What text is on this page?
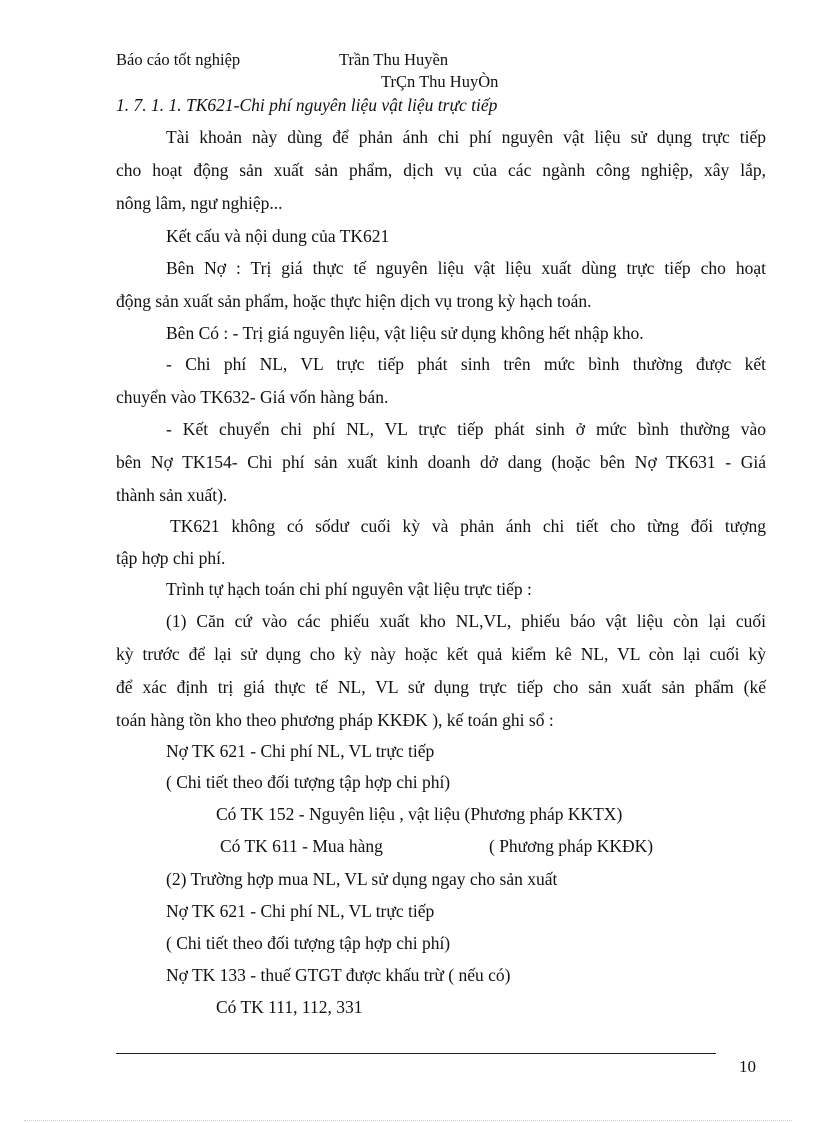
Báo cáo tốt nghiệp	Trần Thu Huyền
TrÇn Thu HuyÒn
1. 7. 1. 1. TK621-Chi phí nguyên liệu vật liệu trực tiếp
Tài khoản này dùng để phản ánh chi phí nguyên vật liệu sử dụng trực tiếp
cho hoạt động sản xuất sản phẩm, dịch vụ của các ngành công nghiệp, xây lắp,
nông lâm, ngư nghiệp...
Kết cấu và nội dung của TK621
Bên Nợ : Trị giá thực tế nguyên liệu vật liệu xuất dùng trực tiếp cho hoạt
động sản xuất sản phẩm, hoặc thực hiện dịch vụ trong kỳ hạch toán.
Bên Có : - Trị giá nguyên liệu, vật liệu sử dụng không hết nhập kho.
- Chi phí NL, VL trực tiếp phát sinh trên mức bình thường được kết
chuyển vào TK632- Giá vốn hàng bán.
- Kết chuyển chi phí NL, VL trực tiếp phát sinh ở mức bình thường vào
bên Nợ TK154- Chi phí sản xuất kinh doanh dở dang (hoặc bên Nợ TK631 - Giá
thành sản xuất).
TK621 không có sốdư cuối kỳ và phản ánh chi tiết cho từng đối tượng
tập hợp chi phí.
Trình tự hạch toán chi phí nguyên vật liệu trực tiếp :
(1) Căn cứ vào các phiếu xuất kho NL,VL, phiếu báo vật liệu còn lại cuối
kỳ trước để lại sử dụng cho kỳ này hoặc kết quả kiểm kê NL, VL còn lại cuối kỳ
để xác định trị giá thực tế NL, VL sử dụng trực tiếp cho sản xuất sản phẩm (kế
toán hàng tồn kho theo phương pháp KKĐK ), kế toán ghi sổ :
Nợ TK 621 - Chi phí NL, VL trực tiếp
( Chi tiết theo đối tượng tập hợp chi phí)
Có TK 152 - Nguyên liệu , vật liệu (Phương pháp KKTX)
Có TK 611 - Mua hàng	( Phương pháp KKĐK)
(2) Trường hợp mua NL, VL sử dụng ngay cho sản xuất
Nợ TK 621 - Chi phí NL, VL trực tiếp
( Chi tiết theo đối tượng tập hợp chi phí)
Nợ TK 133 - thuế GTGT được khấu trừ ( nếu có)
Có TK 111, 112, 331
10
